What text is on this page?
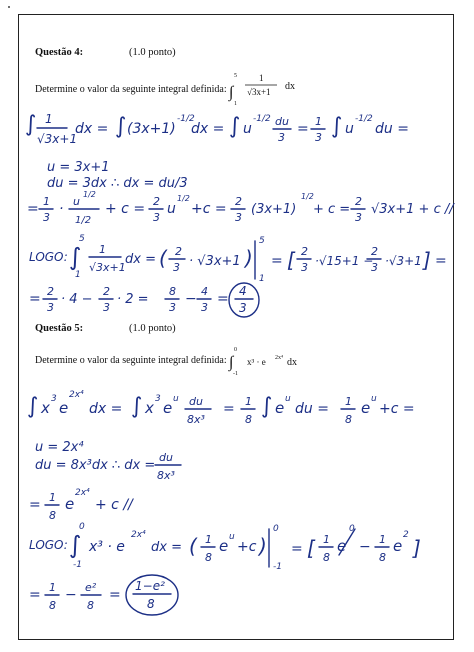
Questão 4:	(1.0 ponto)
Determine o valor da seguinte integral definida:
5
∫
1
1
√3x+1 dx
∫ 1
√3x+1
dx = ∫ (3x+1)
-1/2
dx = ∫ u
-1/2 du
3
= 1
3 ∫ u
-1/2
du =
u = 3x+1
du = 3dx ∴ dx = du/3
= 1
3
· u
1/2
1/2
+ c = 2
3
u
1/2
+c = 2
3
(3x+1)
1/2
+ c =
2
3
√3x+1 + c //
LOGO: ∫
5
1
1
√3x+1
dx = ( 2
3 · √3x+1 )
5
1
= [ 2
3 ·√15+1 −
2
3 ·√3+1 ] =
= 2
3
· 4 −
2
3
· 2 =
8
3
− 4
3
= 4
3
Questão 5:	(1.0 ponto)
Determine o valor da seguinte integral definida:
0
∫
-1
x³ · e 2x⁴ dx
∫ x 3 e
2x⁴
dx = ∫ x 3 e u du
8x³
= 1
8
∫ e u
du = 1
8
e u
+c =
u = 2x⁴
du = 8x³dx ∴ dx =
du
8x³
= 1
8
e
2x⁴
+ c //
LOGO: ∫
0
-1
x³ · e
2x⁴
dx = ( 1
8
e u
+c )
0
-1
= [ 1
8
e
0
− 1
8
e
2
]
= 1
8
− e²
8
=
1−e²
8
